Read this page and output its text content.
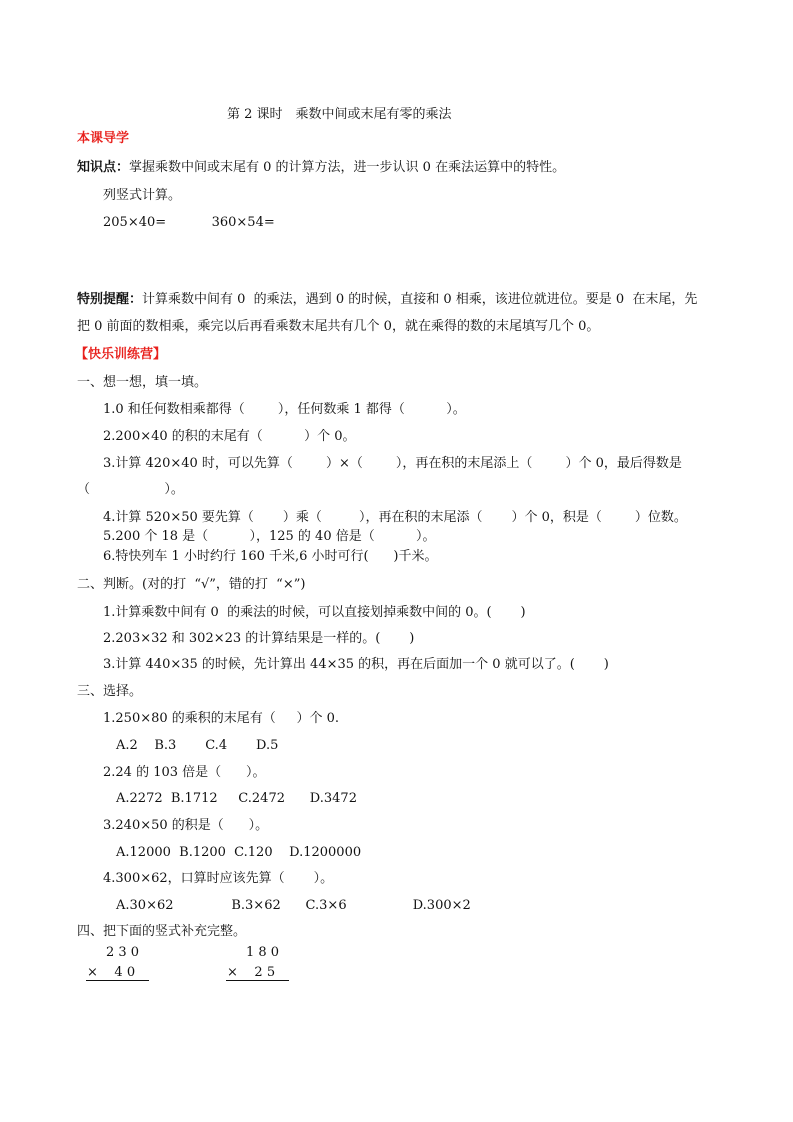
第 2 课时　乘数中间或末尾有零的乘法
本课导学
知识点：掌握乘数中间或末尾有 0 的计算方法，进一步认识 0 在乘法运算中的特性。
列竖式计算。
205×40=           360×54=
特别提醒：计算乘数中间有 0  的乘法，遇到 0 的时候，直接和 0 相乘，该进位就进位。要是 0  在末尾，先
把 0 前面的数相乘，乘完以后再看乘数末尾共有几个 0，就在乘得的数的末尾填写几个 0。
【快乐训练营】
一、想一想，填一填。
1.0 和任何数相乘都得（        ），任何数乘 1 都得（          ）。
2.200×40 的积的末尾有（          ）个 0。
3.计算 420×40 时，可以先算（        ）×（        ），再在积的末尾添上（        ）个 0，最后得数是
（                  ）。
4.计算 520×50 要先算（       ）乘（         ），再在积的末尾添（       ）个 0，积是（        ）位数。
5.200 个 18 是（          ），125 的 40 倍是（          ）。
6.特快列车 1 小时约行 160 千米,6 小时可行(      )千米。
二、判断。(对的打  “√”，错的打  “×”)
1.计算乘数中间有 0  的乘法的时候，可以直接划掉乘数中间的 0。(       )
2.203×32 和 302×23 的计算结果是一样的。(       )
3.计算 440×35 的时候，先计算出 44×35 的积，再在后面加一个 0 就可以了。(       )
三、选择。
1.250×80 的乘积的末尾有（     ）个 0.
A.2    B.3       C.4       D.5
2.24 的 103 倍是（      ）。
A.2272  B.1712     C.2472      D.3472
3.240×50 的积是（      ）。
A.12000  B.1200  C.120    D.1200000
4.300×62，口算时应该先算（       ）。
A.30×62              B.3×62      C.3×6                D.300×2
四、把下面的竖式补充完整。
2 3 0
×    4 0
1 8 0
×    2 5
